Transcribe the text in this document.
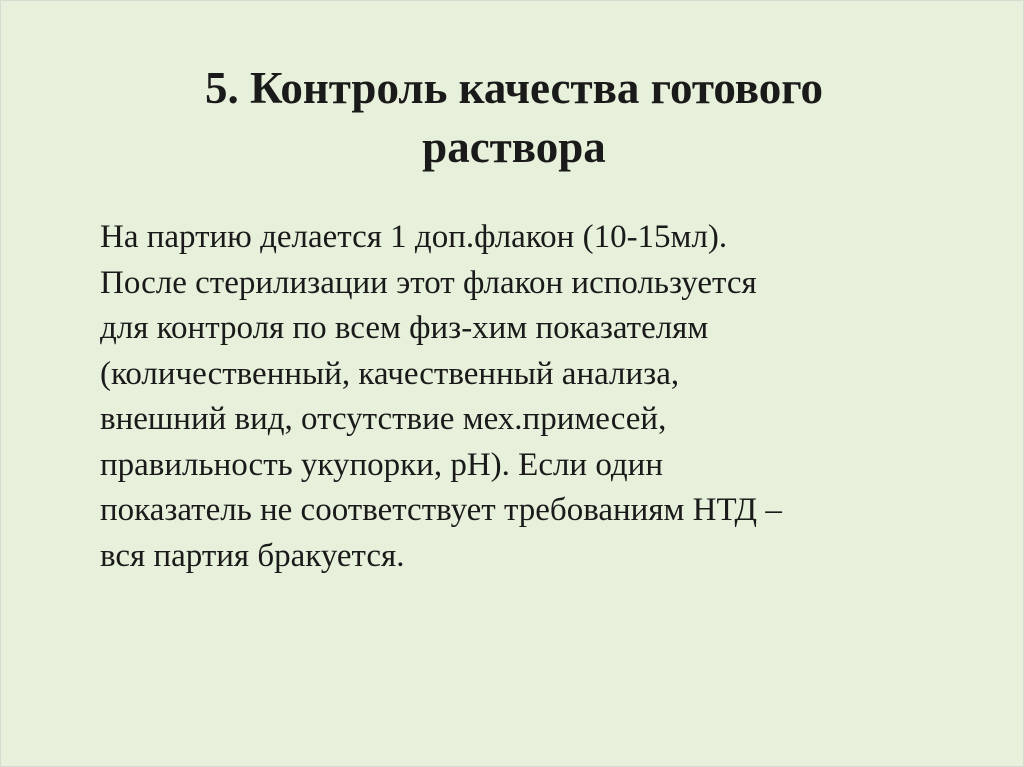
5. Контроль качества готового
раствора
На партию делается 1 доп.флакон (10-15мл).
После стерилизации этот флакон используется
для контроля по всем физ-хим показателям
(количественный, качественный анализа,
внешний вид, отсутствие мех.примесей,
правильность укупорки, рН). Если один
показатель не соответствует требованиям НТД –
вся партия бракуется.
